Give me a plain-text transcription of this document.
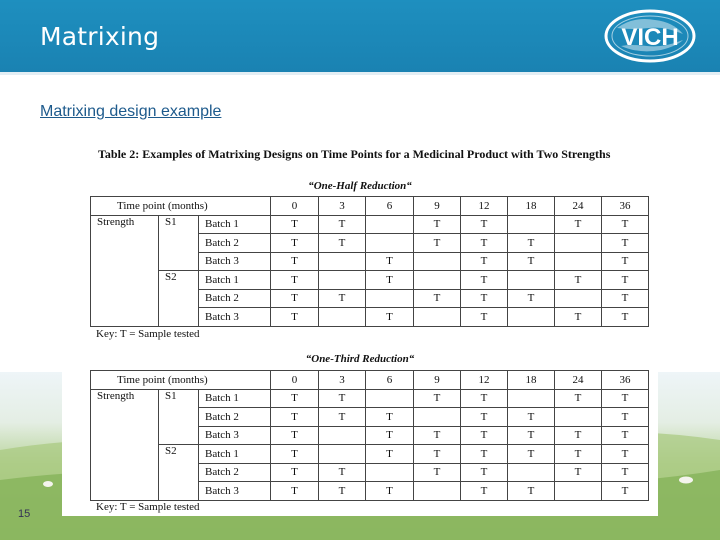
Matrixing	VICH
Matrixing design example
Table 2: Examples of Matrixing Designs on Time Points for a Medicinal Product with Two Strengths
“One-Half Reduction“
Time point (months)			0	3	6	9	12	18	24	36
Strength	S1	Batch 1	T	T		T	T		T	T
		Batch 2	T	T		T	T	T		T
		Batch 3	T		T		T	T		T
	S2	Batch 1	T		T		T		T	T
		Batch 2	T	T		T	T	T		T
		Batch 3	T		T		T		T	T
Key: T = Sample tested
“One-Third Reduction“
Time point (months)			0	3	6	9	12	18	24	36
Strength	S1	Batch 1	T	T		T	T		T	T
		Batch 2	T	T	T		T	T		T
		Batch 3	T		T	T	T	T	T	T
	S2	Batch 1	T		T	T	T	T	T	T
		Batch 2	T	T		T	T		T	T
		Batch 3	T	T	T		T	T		T
Key: T = Sample tested
15
